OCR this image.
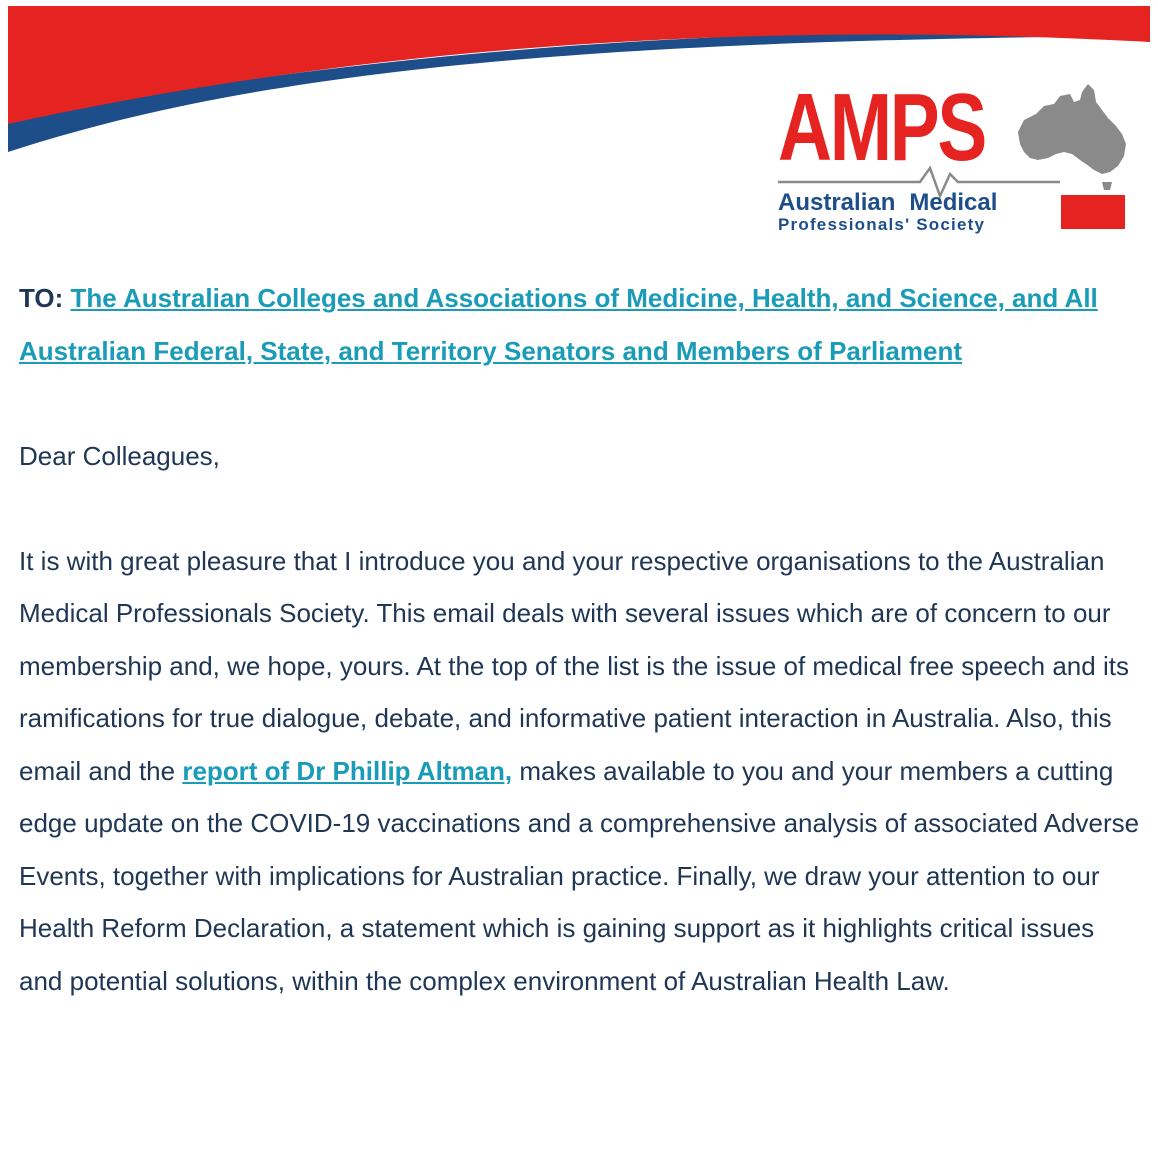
AMPS
Australian Medical
Professionals' Society

TO: The Australian Colleges and Associations of Medicine, Health, and Science, and All Australian Federal, State, and Territory Senators and Members of Parliament

Dear Colleagues,

It is with great pleasure that I introduce you and your respective organisations to the Australian Medical Professionals Society. This email deals with several issues which are of concern to our membership and, we hope, yours. At the top of the list is the issue of medical free speech and its ramifications for true dialogue, debate, and informative patient interaction in Australia. Also, this email and the report of Dr Phillip Altman, makes available to you and your members a cutting edge update on the COVID-19 vaccinations and a comprehensive analysis of associated Adverse Events, together with implications for Australian practice. Finally, we draw your attention to our Health Reform Declaration, a statement which is gaining support as it highlights critical issues and potential solutions, within the complex environment of Australian Health Law.
